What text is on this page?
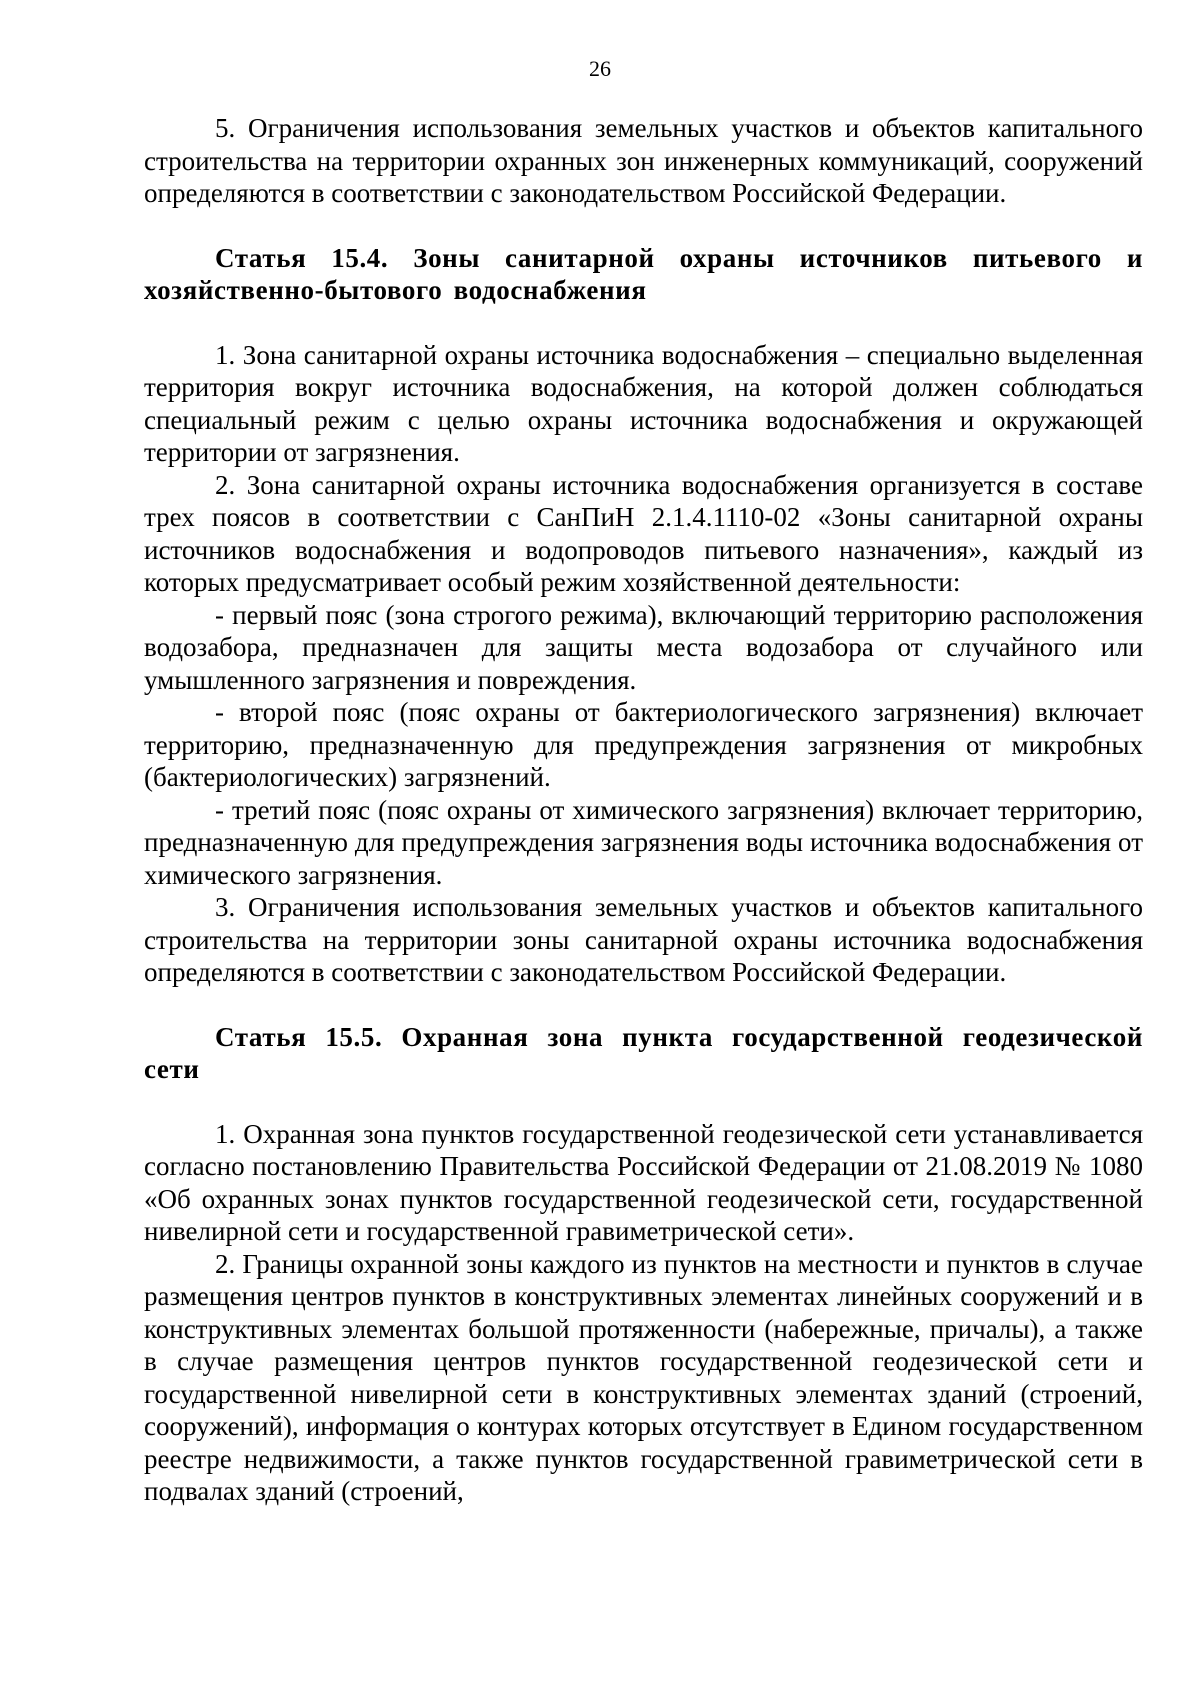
26

5. Ограничения использования земельных участков и объектов капитального строительства на территории охранных зон инженерных коммуникаций, сооружений определяются в соответствии с законодательством Российской Федерации.

Статья 15.4. Зоны санитарной охраны источников питьевого и хозяйственно-бытового водоснабжения

1. Зона санитарной охраны источника водоснабжения – специально выделенная территория вокруг источника водоснабжения, на которой должен соблюдаться специальный режим с целью охраны источника водоснабжения и окружающей территории от загрязнения.

2. Зона санитарной охраны источника водоснабжения организуется в составе трех поясов в соответствии с СанПиН 2.1.4.1110-02 «Зоны санитарной охраны источников водоснабжения и водопроводов питьевого назначения», каждый из которых предусматривает особый режим хозяйственной деятельности:

- первый пояс (зона строгого режима), включающий территорию расположения водозабора, предназначен для защиты места водозабора от случайного или умышленного загрязнения и повреждения.

- второй пояс (пояс охраны от бактериологического загрязнения) включает территорию, предназначенную для предупреждения загрязнения от микробных (бактериологических) загрязнений.

- третий пояс (пояс охраны от химического загрязнения) включает территорию, предназначенную для предупреждения загрязнения воды источника водоснабжения от химического загрязнения.

3. Ограничения использования земельных участков и объектов капитального строительства на территории зоны санитарной охраны источника водоснабжения определяются в соответствии с законодательством Российской Федерации.

Статья 15.5. Охранная зона пункта государственной геодезической сети

1. Охранная зона пунктов государственной геодезической сети устанавливается согласно постановлению Правительства Российской Федерации от 21.08.2019 № 1080 «Об охранных зонах пунктов государственной геодезической сети, государственной нивелирной сети и государственной гравиметрической сети».

2. Границы охранной зоны каждого из пунктов на местности и пунктов в случае размещения центров пунктов в конструктивных элементах линейных сооружений и в конструктивных элементах большой протяженности (набережные, причалы), а также в случае размещения центров пунктов государственной геодезической сети и государственной нивелирной сети в конструктивных элементах зданий (строений, сооружений), информация о контурах которых отсутствует в Едином государственном реестре недвижимости, а также пунктов государственной гравиметрической сети в подвалах зданий (строений,
